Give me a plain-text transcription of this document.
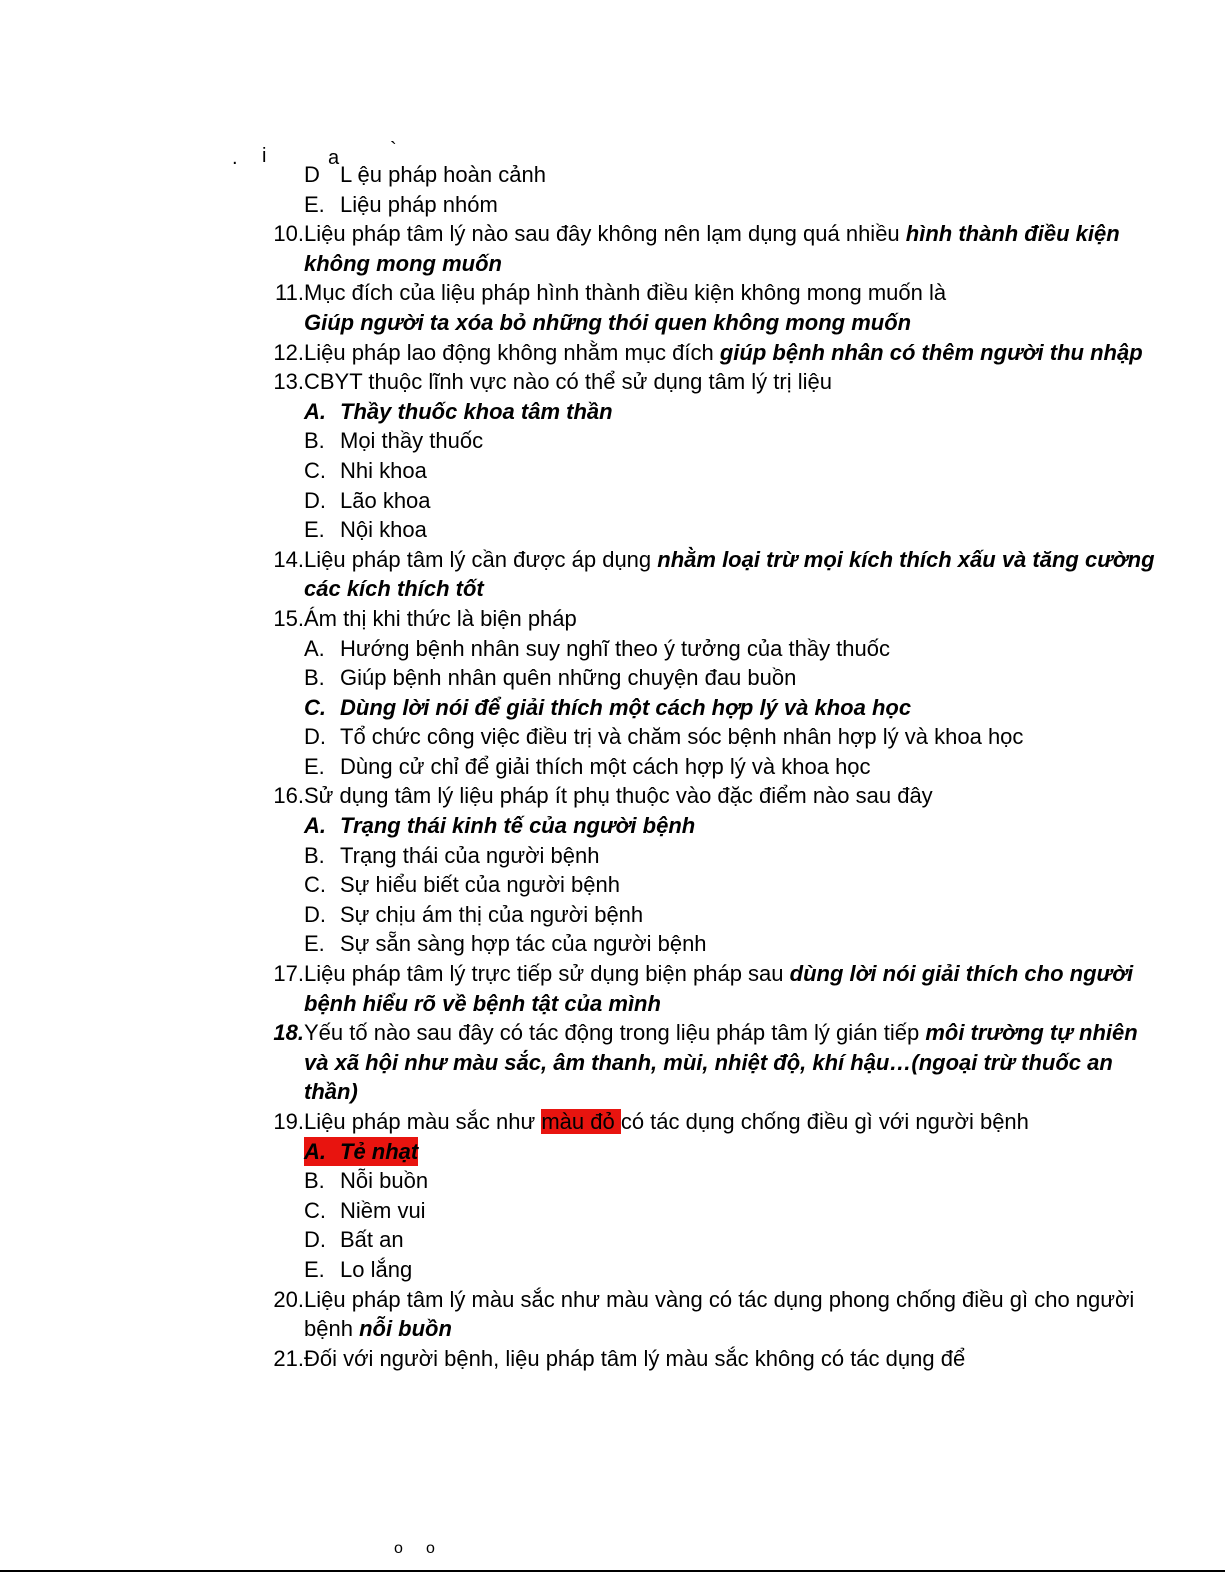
. i	a	`
D L ệu pháp hoàn cảnh
E. Liệu pháp nhóm
10. Liệu pháp tâm lý nào sau đây không nên lạm dụng quá nhiều hình thành điều kiện không mong muốn
11. Mục đích của liệu pháp hình thành điều kiện không mong muốn là
Giúp người ta xóa bỏ những thói quen không mong muốn
12. Liệu pháp lao động không nhằm mục đích giúp bệnh nhân có thêm người thu nhập
13. CBYT thuộc lĩnh vực nào có thể sử dụng tâm lý trị liệu
A. Thầy thuốc khoa tâm thần
B. Mọi thầy thuốc
C. Nhi khoa
D. Lão khoa
E. Nội khoa
14. Liệu pháp tâm lý cần được áp dụng nhằm loại trừ mọi kích thích xấu và tăng cường các kích thích tốt
15. Ám thị khi thức là biện pháp
A. Hướng bệnh nhân suy nghĩ theo ý tưởng của thầy thuốc
B. Giúp bệnh nhân quên những chuyện đau buồn
C. Dùng lời nói để giải thích một cách hợp lý và khoa học
D. Tổ chức công việc điều trị và chăm sóc bệnh nhân hợp lý và khoa học
E. Dùng cử chỉ để giải thích một cách hợp lý và khoa học
16. Sử dụng tâm lý liệu pháp ít phụ thuộc vào đặc điểm nào sau đây
A. Trạng thái kinh tế của người bệnh
B. Trạng thái của người bệnh
C. Sự hiểu biết của người bệnh
D. Sự chịu ám thị của người bệnh
E. Sự sẵn sàng hợp tác của người bệnh
17. Liệu pháp tâm lý trực tiếp sử dụng biện pháp sau dùng lời nói giải thích cho người bệnh hiểu rõ về bệnh tật của mình
18. Yếu tố nào sau đây có tác động trong liệu pháp tâm lý gián tiếp môi trường tự nhiên và xã hội như màu sắc, âm thanh, mùi, nhiệt độ, khí hậu…(ngoại trừ thuốc an thần)
19. Liệu pháp màu sắc như màu đỏ có tác dụng chống điều gì với người bệnh
A. Tẻ nhạt
B. Nỗi buồn
C. Niềm vui
D. Bất an
E. Lo lắng
20. Liệu pháp tâm lý màu sắc như màu vàng có tác dụng phong chống điều gì cho người bệnh nỗi buồn
21. Đối với người bệnh, liệu pháp tâm lý màu sắc không có tác dụng để
o o
